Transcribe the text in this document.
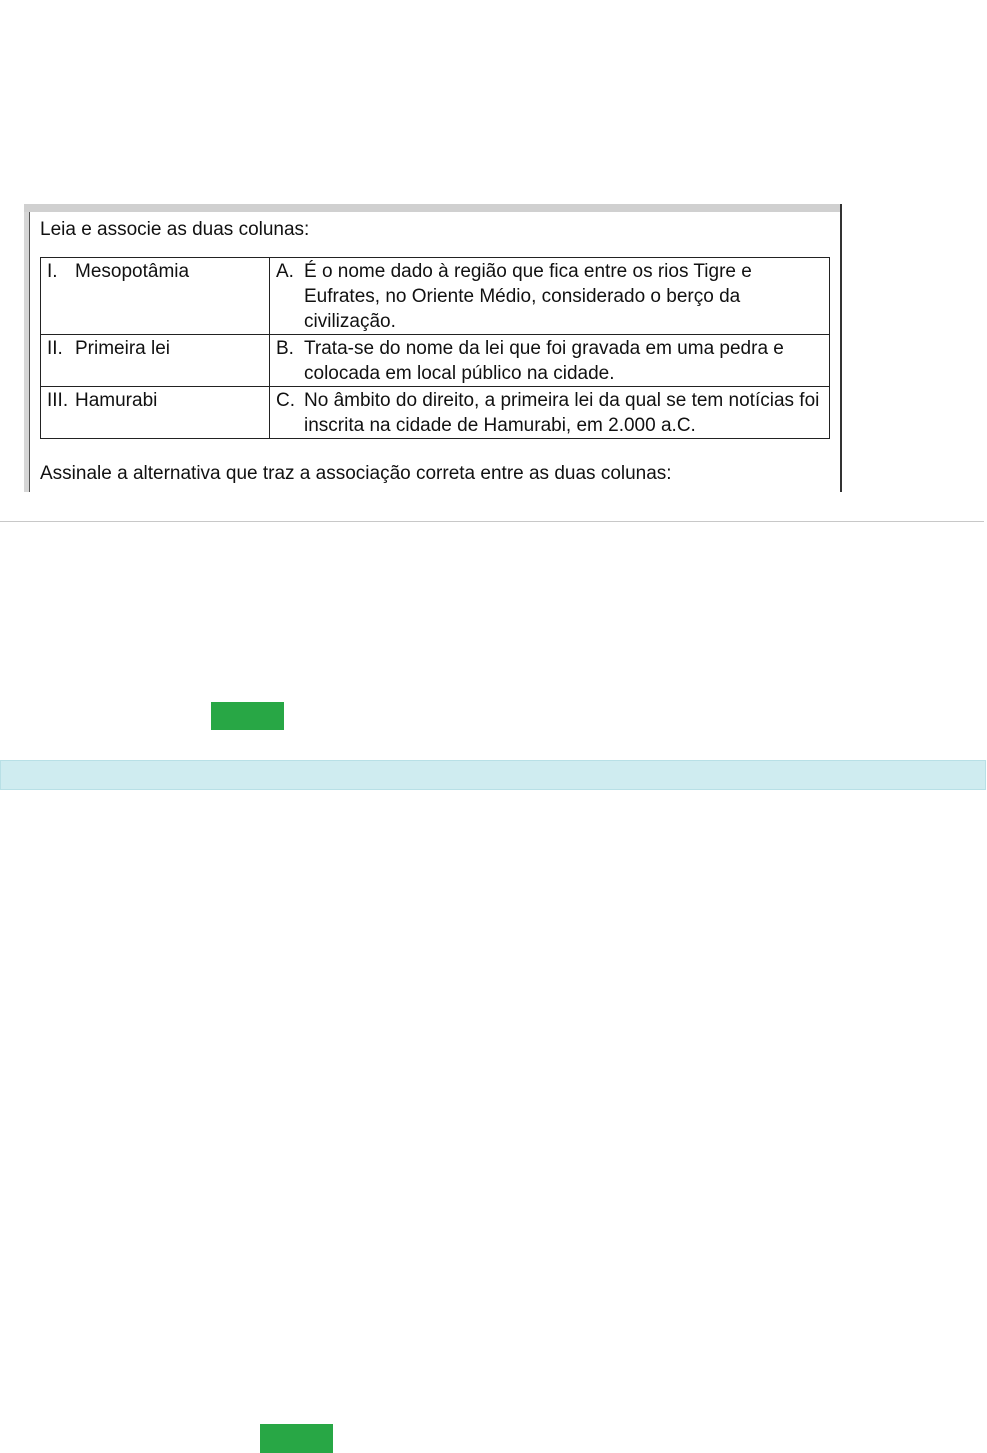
Leia e associe as duas colunas:
I. Mesopotâmia	A. É o nome dado à região que fica entre os rios Tigre e Eufrates, no Oriente Médio, considerado o berço da civilização.

II. Primeira lei	B. Trata-se do nome da lei que foi gravada em uma pedra e colocada em local público na cidade.

III. Hamurabi	C. No âmbito do direito, a primeira lei da qual se tem notícias foi inscrita na cidade de Hamurabi, em 2.000 a.C.
Assinale a alternativa que traz a associação correta entre as duas colunas:
